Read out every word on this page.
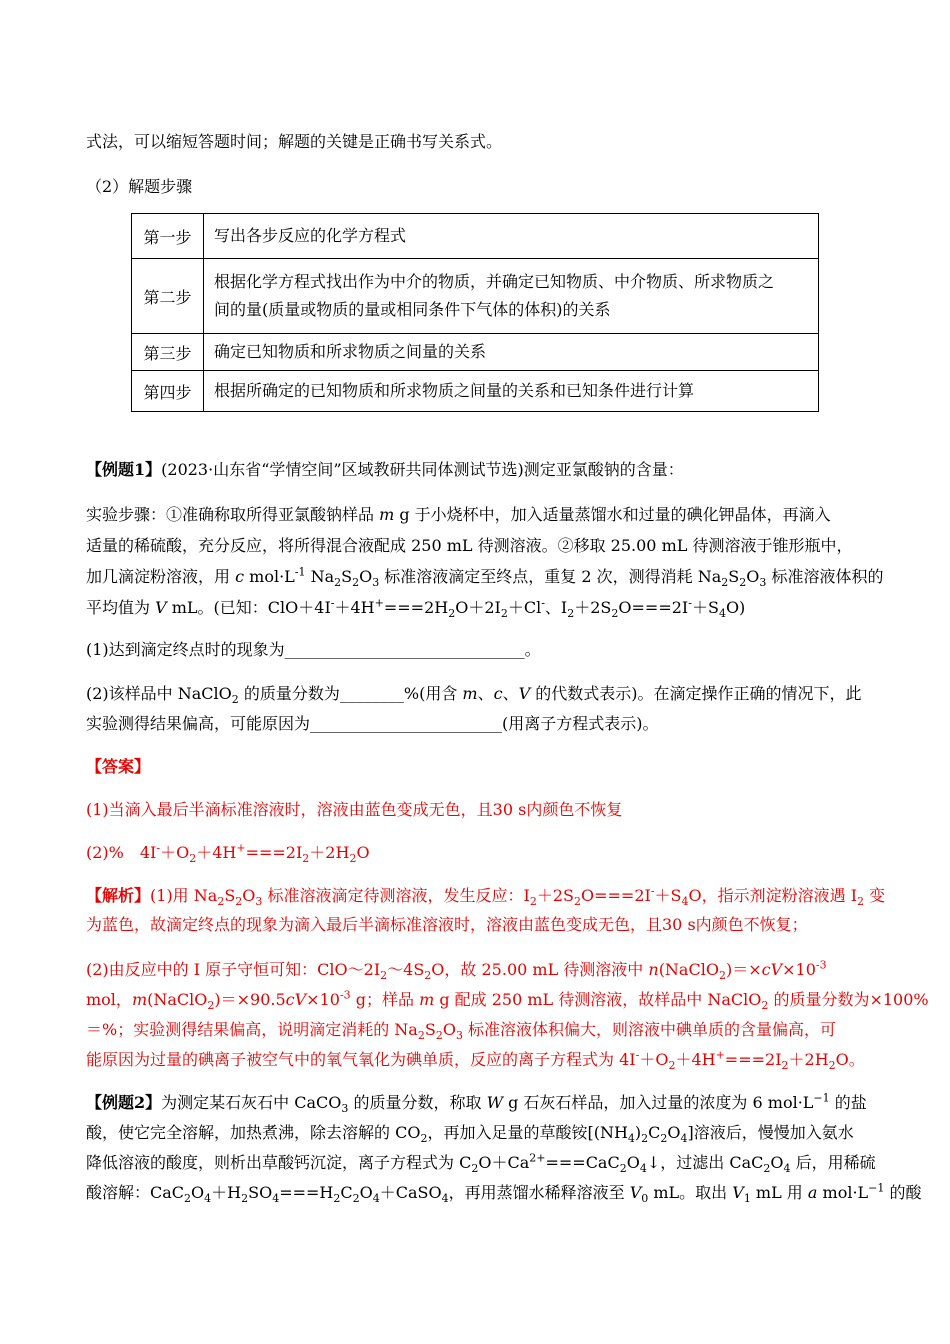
式法，可以缩短答题时间；解题的关键是正确书写关系式。
（2）解题步骤
第一步	写出各步反应的化学方程式
第二步	根据化学方程式找出作为中介的物质，并确定已知物质、中介物质、所求物质之
间的量(质量或物质的量或相同条件下气体的体积)的关系
第三步	确定已知物质和所求物质之间量的关系
第四步	根据所确定的已知物质和所求物质之间量的关系和已知条件进行计算
【例题1】(2023·山东省“学情空间”区域教研共同体测试节选)测定亚氯酸钠的含量：
实验步骤：①准确称取所得亚氯酸钠样品 m g 于小烧杯中，加入适量蒸馏水和过量的碘化钾晶体，再滴入
适量的稀硫酸，充分反应，将所得混合液配成 250 mL 待测溶液。②移取 25.00 mL 待测溶液于锥形瓶中，
加几滴淀粉溶液，用 c $mol\cdot L^{-1}$ $Na_2S_2O_3$ 标准溶液滴定至终点，重复 2 次，测得消耗 $Na_2S_2O_3$ 标准溶液体积的
平均值为 V mL。(已知：$ClO+4I^-+4H^+===2H_2O+2I_2+Cl^-$、$I_2+2S_2O===2I^-+S_4O$)
(1)达到滴定终点时的现象为______________________________。
(2)该样品中 NaClO$_2$ 的质量分数为________%(用含 m、c、V 的代数式表示)。在滴定操作正确的情况下，此
实验测得结果偏高，可能原因为________________________(用离子方程式表示)。
【答案】
(1)当滴入最后半滴标准溶液时，溶液由蓝色变成无色，且30 s内颜色不恢复
(2)%　$4I^-+O_2+4H^+===2I_2+2H_2O$
【解析】(1)用 $Na_2S_2O_3$ 标准溶液滴定待测溶液，发生反应：$I_2+2S_2O===2I^-+S_4O$，指示剂淀粉溶液遇 $I_2$ 变
为蓝色，故滴定终点的现象为滴入最后半滴标准溶液时，溶液由蓝色变成无色，且30 s内颜色不恢复；
(2)由反应中的 I 原子守恒可知：$ClO\sim 2I_2\sim 4S_2O$，故 25.00 mL 待测溶液中 $n(NaClO_2)=\times cV\times 10^{-3}$
mol，$m(NaClO_2)=\times 90.5cV\times 10^{-3}$ g；样品 m g 配成 250 mL 待测溶液，故样品中 NaClO$_2$ 的质量分数为×100%
＝%；实验测得结果偏高，说明滴定消耗的 $Na_2S_2O_3$ 标准溶液体积偏大，则溶液中碘单质的含量偏高，可
能原因为过量的碘离子被空气中的氧气氧化为碘单质，反应的离子方程式为 $4I^-+O_2+4H^+===2I_2+2H_2O$。
【例题2】为测定某石灰石中 CaCO$_3$ 的质量分数，称取 W g 石灰石样品，加入过量的浓度为 6 $mol\cdot L^{-1}$ 的盐
酸，使它完全溶解，加热煮沸，除去溶解的 $CO_2$，再加入足量的草酸铵$[(NH_4)_2C_2O_4]$溶液后，慢慢加入氨水
降低溶液的酸度，则析出草酸钙沉淀，离子方程式为 $C_2O+Ca^{2+}===CaC_2O_4↓$，过滤出 $CaC_2O_4$ 后，用稀硫
酸溶解：$CaC_2O_4+H_2SO_4===H_2C_2O_4+CaSO_4$，再用蒸馏水稀释溶液至 $V_0$ mL。取出 $V_1$ mL 用 a $mol\cdot L^{-1}$ 的酸
